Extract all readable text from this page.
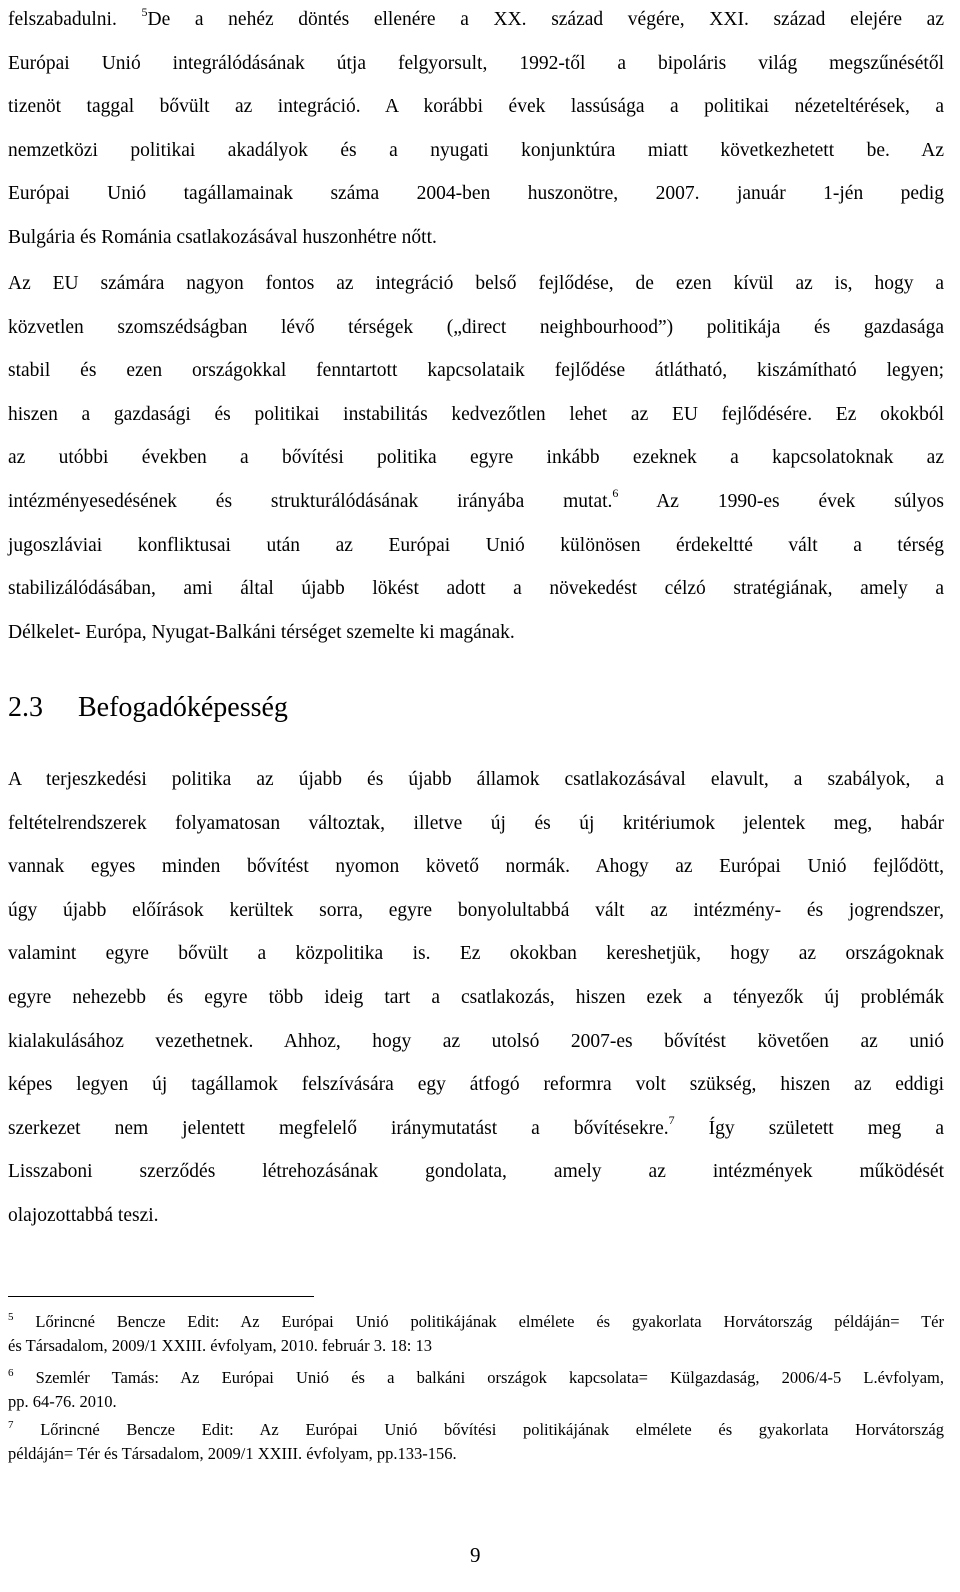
felszabadulni. $^5$De a nehéz döntés ellenére a XX. század végére, XXI. század elejére az
Európai Unió integrálódásának útja felgyorsult, 1992-től a bipoláris világ megszűnésétől
tizenöt taggal bővült az integráció. A korábbi évek lassúsága a politikai nézeteltérések, a
nemzetközi politikai akadályok és a nyugati konjunktúra miatt következhetett be. Az
Európai Unió tagállamainak száma 2004-ben huszonötre, 2007. január 1-jén pedig
Bulgária és Románia csatlakozásával huszonhétre nőtt.
Az EU számára nagyon fontos az integráció belső fejlődése, de ezen kívül az is, hogy a
közvetlen szomszédságban lévő térségek („direct neighbourhood”) politikája és gazdasága
stabil és ezen országokkal fenntartott kapcsolataik fejlődése átlátható, kiszámítható legyen;
hiszen a gazdasági és politikai instabilitás kedvezőtlen lehet az EU fejlődésére. Ez okokból
az utóbbi években a bővítési politika egyre inkább ezeknek a kapcsolatoknak az
intézményesedésének és strukturálódásának irányába mutat.$^6$ Az 1990-es évek súlyos
jugoszláviai konfliktusai után az Európai Unió különösen érdekeltté vált a térség
stabilizálódásában, ami által újabb lökést adott a növekedést célzó stratégiának, amely a
Délkelet- Európa, Nyugat-Balkáni térséget szemelte ki magának.
2.3 Befogadóképesség
A terjeszkedési politika az újabb és újabb államok csatlakozásával elavult, a szabályok, a
feltételrendszerek folyamatosan változtak, illetve új és új kritériumok jelentek meg, habár
vannak egyes minden bővítést nyomon követő normák. Ahogy az Európai Unió fejlődött,
úgy újabb előírások kerültek sorra, egyre bonyolultabbá vált az intézmény- és jogrendszer,
valamint egyre bővült a közpolitika is. Ez okokban kereshetjük, hogy az országoknak
egyre nehezebb és egyre több ideig tart a csatlakozás, hiszen ezek a tényezők új problémák
kialakulásához vezethetnek. Ahhoz, hogy az utolsó 2007-es bővítést követően az unió
képes legyen új tagállamok felszívására egy átfogó reformra volt szükség, hiszen az eddigi
szerkezet nem jelentett megfelelő iránymutatást a bővítésekre.$^7$ Így született meg a
Lisszaboni szerződés létrehozásának gondolata, amely az intézmények működését
olajozottabbá teszi.
$^5$ Lőrincné Bencze Edit: Az Európai Unió politikájának elmélete és gyakorlata Horvátország példáján= Tér
és Társadalom, 2009/1 XXIII. évfolyam, 2010. február 3. 18: 13
$^6$ Szemlér Tamás: Az Európai Unió és a balkáni országok kapcsolata= Külgazdaság, 2006/4-5 L.évfolyam,
pp. 64-76. 2010.
$^7$ Lőrincné Bencze Edit: Az Európai Unió bővítési politikájának elmélete és gyakorlata Horvátország
példáján= Tér és Társadalom, 2009/1 XXIII. évfolyam, pp.133-156.
9
